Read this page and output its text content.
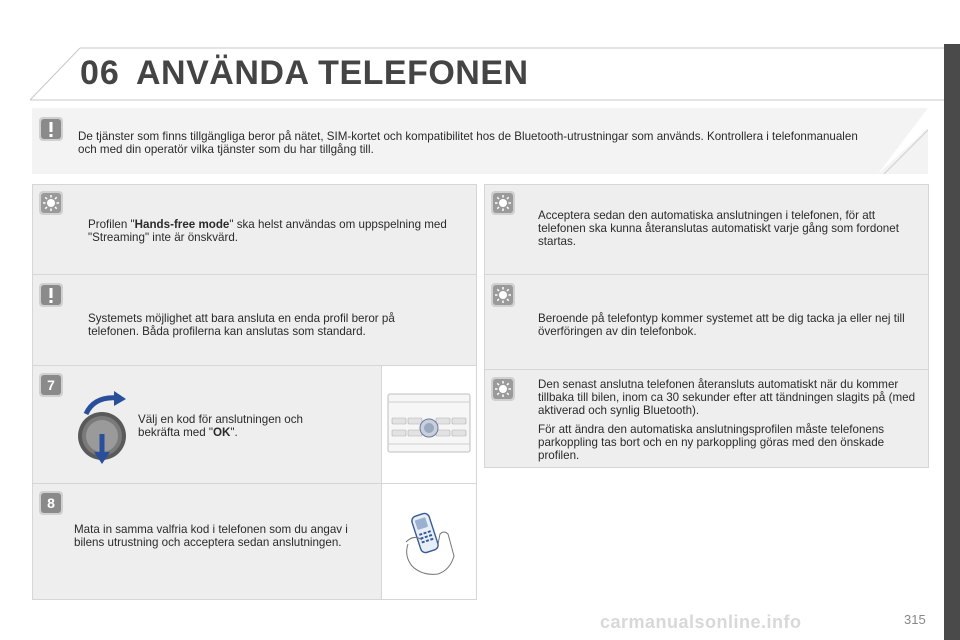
06 ANVÄNDA TELEFONEN
De tjänster som finns tillgängliga beror på nätet, SIM-kortet och kompatibilitet hos de Bluetooth-utrustningar som används. Kontrollera i telefonmanualen och med din operatör vilka tjänster som du har tillgång till.
Profilen "Hands-free mode" ska helst användas om uppspelning med "Streaming" inte är önskvärd.
Systemets möjlighet att bara ansluta en enda profil beror på telefonen. Båda profilerna kan anslutas som standard.
7
Välj en kod för anslutningen och bekräfta med "OK".
8
Mata in samma valfria kod i telefonen som du angav i bilens utrustning och acceptera sedan anslutningen.
Acceptera sedan den automatiska anslutningen i telefonen, för att telefonen ska kunna återanslutas automatiskt varje gång som fordonet startas.
Beroende på telefontyp kommer systemet att be dig tacka ja eller nej till överföringen av din telefonbok.

Den senast anslutna telefonen återansluts automatiskt när du kommer tillbaka till bilen, inom ca 30 sekunder efter att tändningen slagits på (med aktiverad och synlig Bluetooth).

För att ändra den automatiska anslutningsprofilen måste telefonens parkoppling tas bort och en ny parkoppling göras med den önskade profilen.

carmanualsonline.info	315
